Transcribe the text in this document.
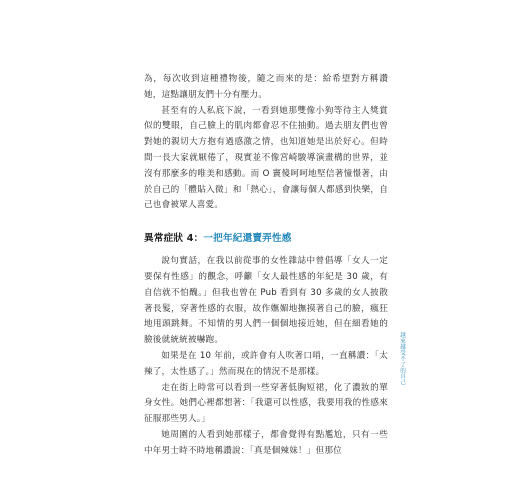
為，每次收到這種禮物後，隨之而來的是：給希望對方稱讚她，這點讓朋友們十分有壓力。

甚至有的人私底下說，一看到她那雙像小狗等待主人獎賞似的雙眼，自己臉上的肌肉都會忍不住抽動。過去朋友們也曾對她的親切大方抱有過感激之情，也知道她是出於好心。但時間一長大家就厭倦了，現實並不像宮崎駿導演畫構的世界，並沒有那麼多的唯美和感動。而 O 竇傻呵呵地堅信著憧憬著，由於自己的「體貼入微」和「熱心」，會讓每個人都感到快樂，自己也會被眾人喜愛。

異常症狀 4：一把年紀還賣弄性感

說句實話，在我以前從事的女性雜誌中曾倡導「女人一定要保有性感」的觀念，呼籲「女人最性感的年紀是 30 歲，有自信就不怕醜。」但我也曾在 Pub 看到有 30 多歲的女人披散著長髮，穿著性感的衣服，故作嫵媚地撫摸著自己的臉，瘋狂地甩頭跳舞。不知情的男人們一個個地接近她，但在細看她的臉後就統統被嚇跑。

如果是在 10 年前，或許會有人吹著口哨，一直稱讚：「太辣了，太性感了。」然而現在的情況不是那樣。

走在街上時常可以看到一些穿著低胸短裙，化了濃妝的單身女性。她們心裡都想著：「我還可以性感，我要用我的性感來征服那些男人。」

她周圍的人看到她那樣子，都會覺得有點尷尬，只有一些中年男士時不時地稱讚說：「真是個辣妹！」但那位

越來越受不了的自己
